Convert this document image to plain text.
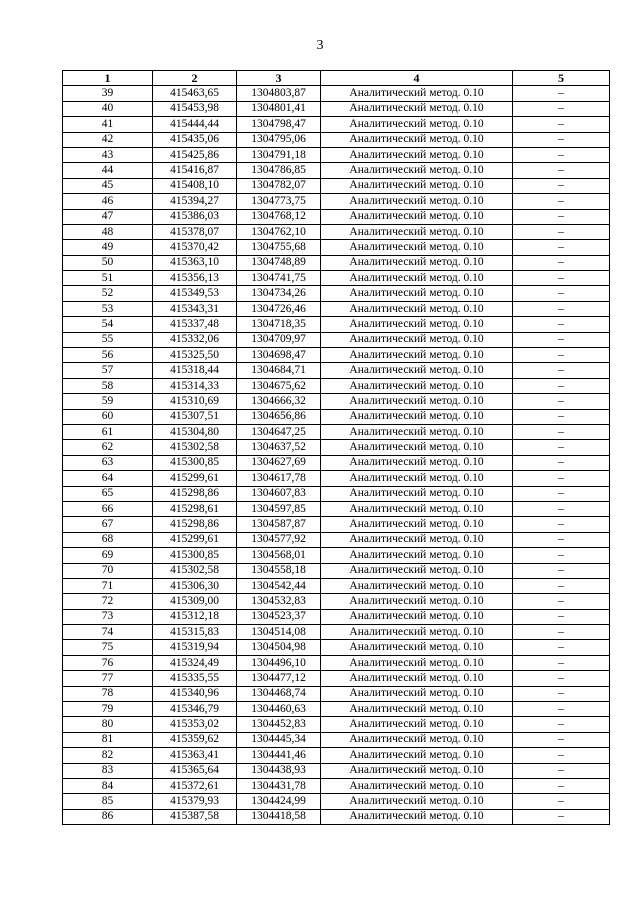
3
1	2	3	4	5
39	415463,65	1304803,87	Аналитический метод. 0.10	–
40	415453,98	1304801,41	Аналитический метод. 0.10	–
41	415444,44	1304798,47	Аналитический метод. 0.10	–
42	415435,06	1304795,06	Аналитический метод. 0.10	–
43	415425,86	1304791,18	Аналитический метод. 0.10	–
44	415416,87	1304786,85	Аналитический метод. 0.10	–
45	415408,10	1304782,07	Аналитический метод. 0.10	–
46	415394,27	1304773,75	Аналитический метод. 0.10	–
47	415386,03	1304768,12	Аналитический метод. 0.10	–
48	415378,07	1304762,10	Аналитический метод. 0.10	–
49	415370,42	1304755,68	Аналитический метод. 0.10	–
50	415363,10	1304748,89	Аналитический метод. 0.10	–
51	415356,13	1304741,75	Аналитический метод. 0.10	–
52	415349,53	1304734,26	Аналитический метод. 0.10	–
53	415343,31	1304726,46	Аналитический метод. 0.10	–
54	415337,48	1304718,35	Аналитический метод. 0.10	–
55	415332,06	1304709,97	Аналитический метод. 0.10	–
56	415325,50	1304698,47	Аналитический метод. 0.10	–
57	415318,44	1304684,71	Аналитический метод. 0.10	–
58	415314,33	1304675,62	Аналитический метод. 0.10	–
59	415310,69	1304666,32	Аналитический метод. 0.10	–
60	415307,51	1304656,86	Аналитический метод. 0.10	–
61	415304,80	1304647,25	Аналитический метод. 0.10	–
62	415302,58	1304637,52	Аналитический метод. 0.10	–
63	415300,85	1304627,69	Аналитический метод. 0.10	–
64	415299,61	1304617,78	Аналитический метод. 0.10	–
65	415298,86	1304607,83	Аналитический метод. 0.10	–
66	415298,61	1304597,85	Аналитический метод. 0.10	–
67	415298,86	1304587,87	Аналитический метод. 0.10	–
68	415299,61	1304577,92	Аналитический метод. 0.10	–
69	415300,85	1304568,01	Аналитический метод. 0.10	–
70	415302,58	1304558,18	Аналитический метод. 0.10	–
71	415306,30	1304542,44	Аналитический метод. 0.10	–
72	415309,00	1304532,83	Аналитический метод. 0.10	–
73	415312,18	1304523,37	Аналитический метод. 0.10	–
74	415315,83	1304514,08	Аналитический метод. 0.10	–
75	415319,94	1304504,98	Аналитический метод. 0.10	–
76	415324,49	1304496,10	Аналитический метод. 0.10	–
77	415335,55	1304477,12	Аналитический метод. 0.10	–
78	415340,96	1304468,74	Аналитический метод. 0.10	–
79	415346,79	1304460,63	Аналитический метод. 0.10	–
80	415353,02	1304452,83	Аналитический метод. 0.10	–
81	415359,62	1304445,34	Аналитический метод. 0.10	–
82	415363,41	1304441,46	Аналитический метод. 0.10	–
83	415365,64	1304438,93	Аналитический метод. 0.10	–
84	415372,61	1304431,78	Аналитический метод. 0.10	–
85	415379,93	1304424,99	Аналитический метод. 0.10	–
86	415387,58	1304418,58	Аналитический метод. 0.10	–
